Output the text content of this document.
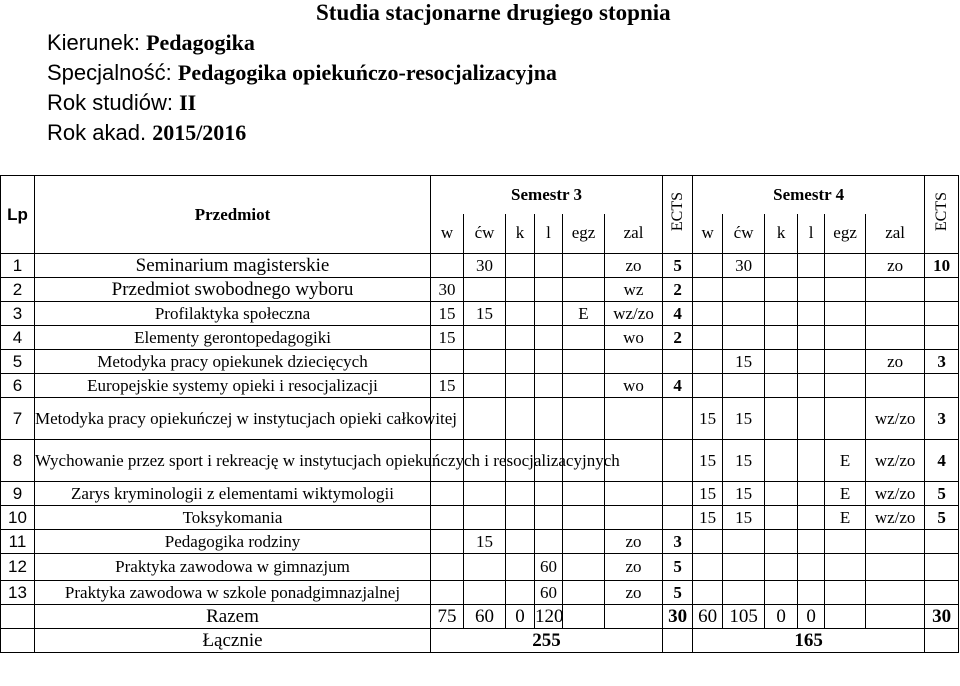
Studia stacjonarne drugiego stopnia
Kierunek: Pedagogika
Specjalność: Pedagogika opiekuńczo-resocjalizacyjna
Rok studiów: II
Rok akad. 2015/2016
Lp	Przedmiot	Semestr 3						ECTS	Semestr 4						ECTS
		w	ćw	k	l	egz	zal		w	ćw	k	l	egz	zal	
1	Seminarium magisterskie		30				zo	5		30				zo	10
2	Przedmiot swobodnego wyboru	30					wz	2							
3	Profilaktyka społeczna	15	15			E	wz/zo	4							
4	Elementy gerontopedagogiki	15					wo	2							
5	Metodyka pracy opiekunek dziecięcych									15				zo	3
6	Europejskie systemy opieki i resocjalizacji	15					wo	4							
7	Metodyka pracy opiekuńczej w instytucjach opieki całkowitej								15	15				wz/zo	3
8	Wychowanie przez sport i rekreację w instytucjach opiekuńczych i resocjalizacyjnych								15	15			E	wz/zo	4
9	Zarys kryminologii z elementami wiktymologii								15	15			E	wz/zo	5
10	Toksykomania								15	15			E	wz/zo	5
11	Pedagogika rodziny		15				zo	3							
12	Praktyka zawodowa w gimnazjum				60		zo	5							
13	Praktyka zawodowa w szkole ponadgimnazjalnej				60		zo	5							
	Razem	75	60	0	120			30	60	105	0	0			30
	Łącznie	255							165						
